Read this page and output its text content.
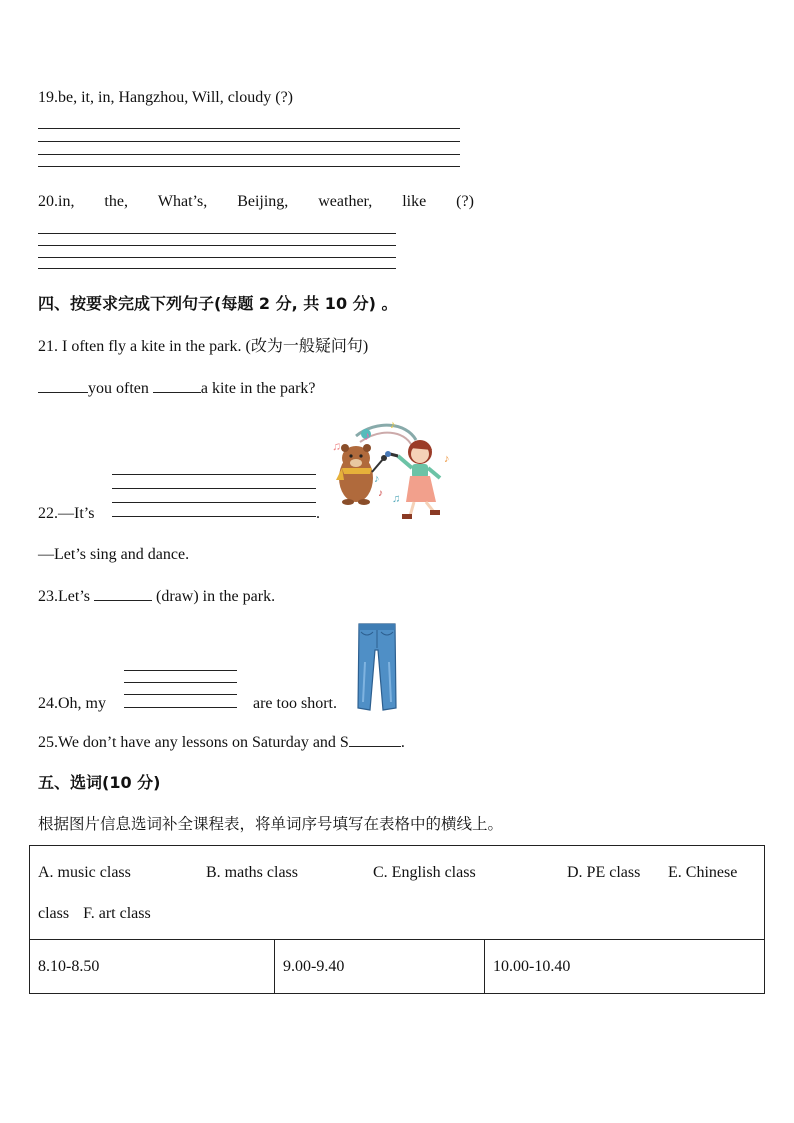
19.be, it, in, Hangzhou, Will, cloudy (?)
20.in, the, What’s, Beijing, weather, like (?)
四、按要求完成下列句子(每题 2 分, 共 10 分) 。
21. I often fly a kite in the park. (改为一般疑问句)
you often	a kite in the park?
22.—It’s	.
—Let’s sing and dance.
♪
♫
♪
♪
♪
♫
♪
23.Let’s	(draw) in the park.
24.Oh, my	are too short.
25.We don’t have any lessons on Saturday and S	.
五、选词(10 分)
根据图片信息选词补全课程表，将单词序号填写在表格中的横线上。
A. music class	B. maths class	C. English class	D. PE class E. Chinese
class F. art class

8.10-8.50	9.00-9.40	10.00-10.40
